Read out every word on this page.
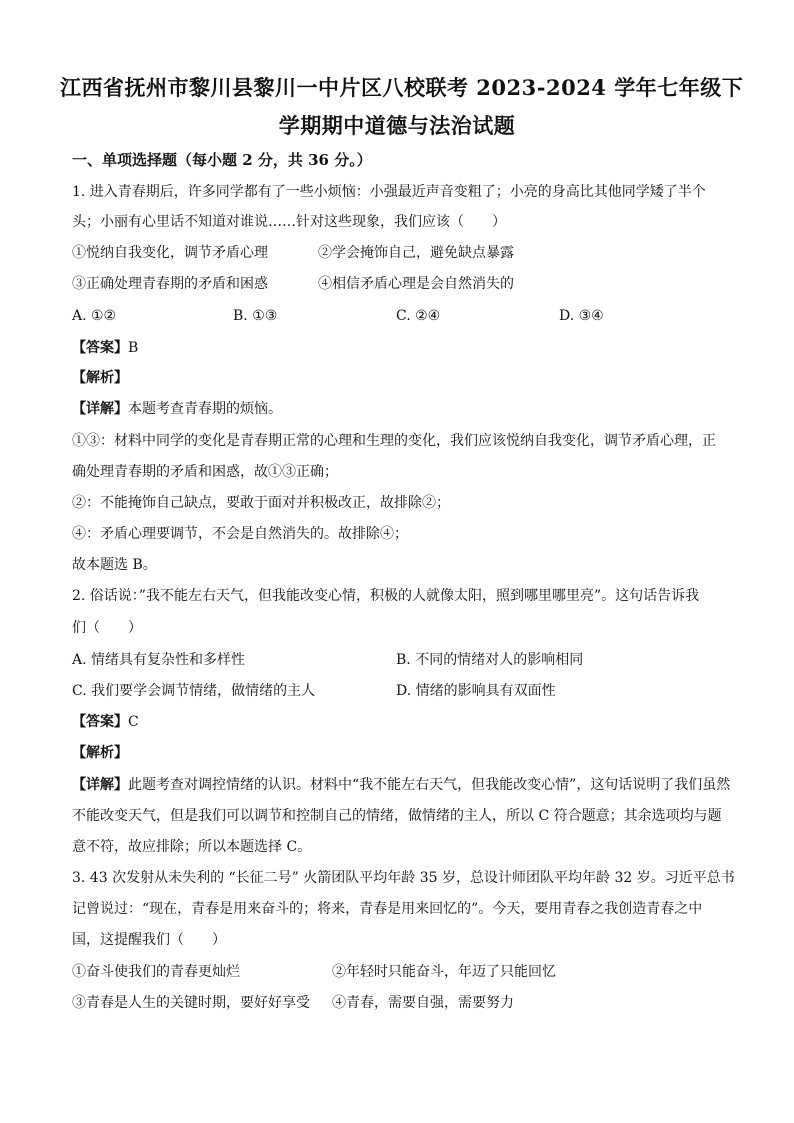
江西省抚州市黎川县黎川一中片区八校联考 2023-2024 学年七年级下
学期期中道德与法治试题
一、单项选择题（每小题 2 分，共 36 分。）
1. 进入青春期后，许多同学都有了一些小烦恼：小强最近声音变粗了；小亮的身高比其他同学矮了半个
头；小丽有心里话不知道对谁说……针对这些现象，我们应该（　　）
①悦纳自我变化，调节矛盾心理	②学会掩饰自己，避免缺点暴露
③正确处理青春期的矛盾和困惑	④相信矛盾心理是会自然消失的
A. ①②	B. ①③	C. ②④	D. ③④
【答案】B
【解析】
【详解】本题考查青春期的烦恼。
①③：材料中同学的变化是青春期正常的心理和生理的变化，我们应该悦纳自我变化，调节矛盾心理，正
确处理青春期的矛盾和困惑，故①③正确；
②：不能掩饰自己缺点，要敢于面对并积极改正，故排除②；
④：矛盾心理要调节，不会是自然消失的。故排除④；
故本题选 B。
2. 俗话说：”我不能左右天气，但我能改变心情，积极的人就像太阳，照到哪里哪里亮”。这句话告诉我
们（　　）
A. 情绪具有复杂性和多样性	B. 不同的情绪对人的影响相同
C. 我们要学会调节情绪，做情绪的主人	D. 情绪的影响具有双面性
【答案】C
【解析】
【详解】此题考查对调控情绪的认识。材料中“我不能左右天气，但我能改变心情”，这句话说明了我们虽然
不能改变天气，但是我们可以调节和控制自己的情绪，做情绪的主人，所以 C 符合题意；其余选项均与题
意不符，故应排除；所以本题选择 C。
3. 43 次发射从未失利的 “长征二号” 火箭团队平均年龄 35 岁，总设计师团队平均年龄 32 岁。习近平总书
记曾说过：“现在，青春是用来奋斗的；将来，青春是用来回忆的”。今天，要用青春之我创造青春之中
国，这提醒我们（　　）
①奋斗使我们的青春更灿烂	②年轻时只能奋斗，年迈了只能回忆
③青春是人生的关键时期，要好好享受 ④青春，需要自强，需要努力
